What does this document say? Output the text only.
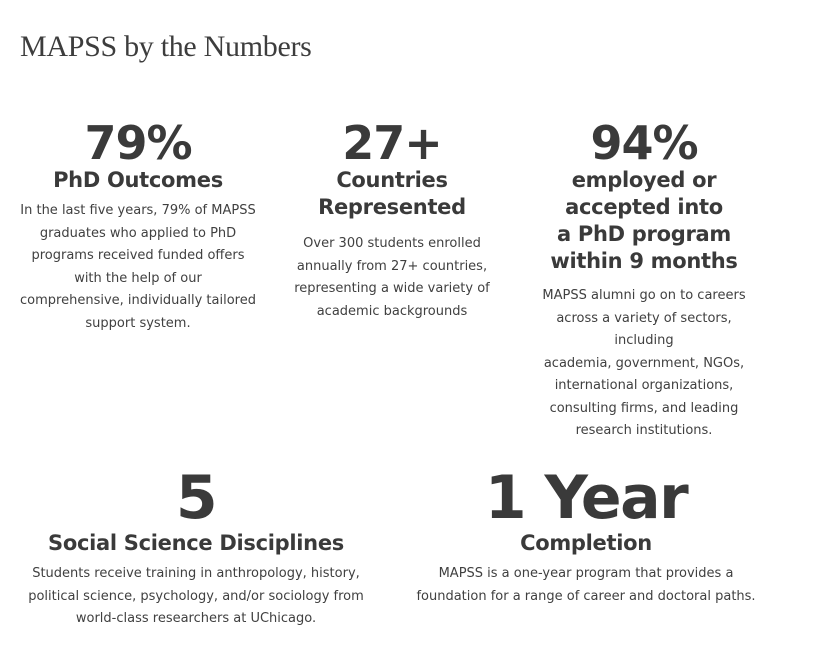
MAPSS by the Numbers
79%
PhD Outcomes
In the last five years, 79% of MAPSS
graduates who applied to PhD
programs received funded offers
with the help of our
comprehensive, individually tailored
support system.
27+
Countries
Represented
Over 300 students enrolled
annually from 27+ countries,
representing a wide variety of
academic backgrounds
94%
employed or
accepted into
a PhD program
within 9 months
MAPSS alumni go on to careers
across a variety of sectors, including
academia, government, NGOs,
international organizations,
consulting firms, and leading
research institutions.
5
Social Science Disciplines
Students receive training in anthropology, history,
political science, psychology, and/or sociology from
world-class researchers at UChicago.
1 Year
Completion
MAPSS is a one-year program that provides a
foundation for a range of career and doctoral paths.
